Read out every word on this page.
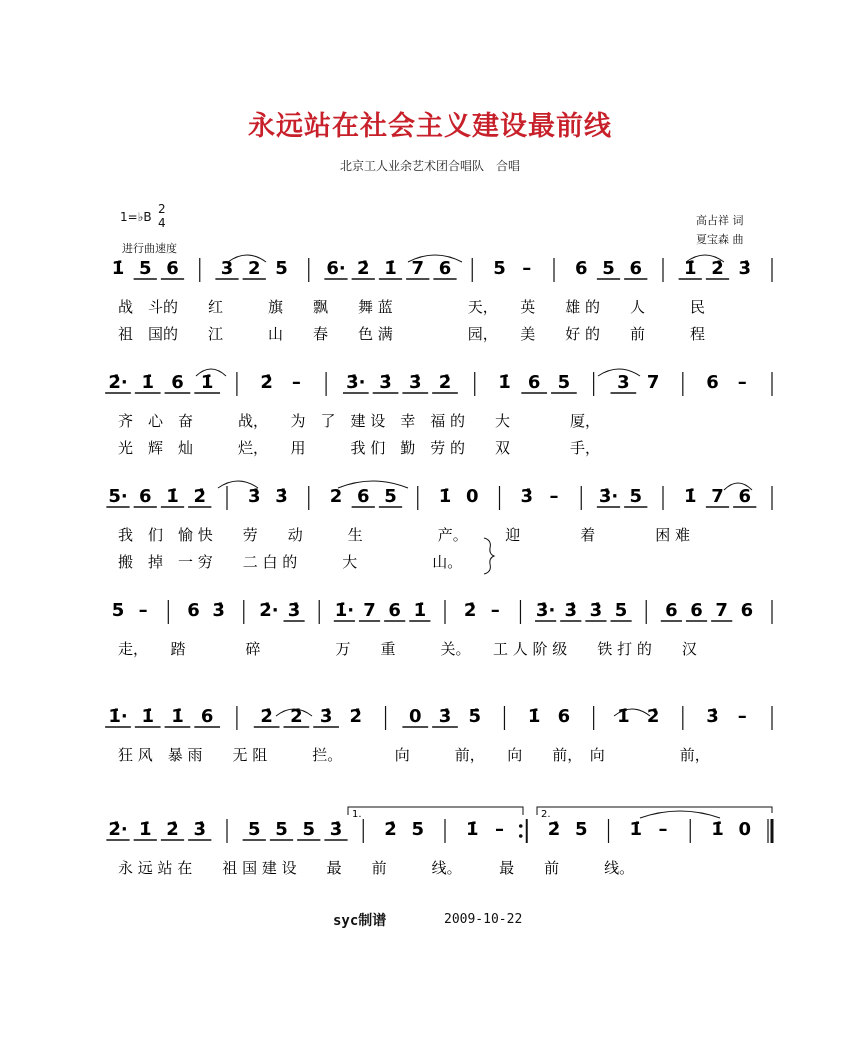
永远站在社会主义建设最前线
北京工人业余艺术团合唱队　合唱
1=♭B
2
4
进行曲速度
高占祥 词
夏宝森 曲
1̇ 5 6 3 2 5 6· 2̇ 1̇ 7 6 5 – 6 5 6 1̇ 2̇ 3̇
战　斗的　　红　　　旗　　飘　　舞 蓝　　　　　天，　　英　　雄 的　　人　　　民
祖　国的　　江　　　山　　春　　色 满　　　　　园，　　美　　好 的　　前　　　程
2̇· 1̇ 6 1̇	2̇ –	3̇· 3̇ 3̇ 2̇	1̇ 6 5	3 7	6 –
齐　心　奋　　　战，　　为　了　建 设　幸　福 的　　大　　　　厦，
光　辉　灿　　　烂，　　用　　　我 们　勤　劳 的　　双　　　　手，
5· 6 1̇ 2̇ 3̇ 3̇ 2 6 5 1̇ 0 3̇ – 3̇· 5 1̇ 7 6
我　们　愉 快　　劳　　动　　　生　　　　　产。　　　迎　　　　着　　　　困 难
搬　掉　一 穷　　二 白 的　　　大　　　　　山。
5 – 6 3̇ 2̇· 3̇ 1̇· 7 6 1̇ 2̇ – 3̇· 3̇ 3̇ 5 6 6 7 6
走，　　踏　　　　碎　　　　　万　　重　　　关。　　工 人 阶 级　　铁 打 的　　汉
1̇· 1̇ 1̇ 6	2̇ 2̇ 3̇ 2̇	0 3̇ 5̇	1̇ 6	1̇ 2̇	3̇ –
狂 风　暴 雨　　无 阻　　　拦。　　　　向　　　前，　　向　　前，　向　　　　　前，
2̇· 1̇ 2̇ 3̇ 5 5 5 3̇ 2̇ 5 1̇ – 2̇ 5 1̇ – 1̇ 0
永 远 站 在　　祖 国 建 设　　最　　前　　　线。　　　最　　前　　　线。
1.	2.
syc制谱	2009-10-22
